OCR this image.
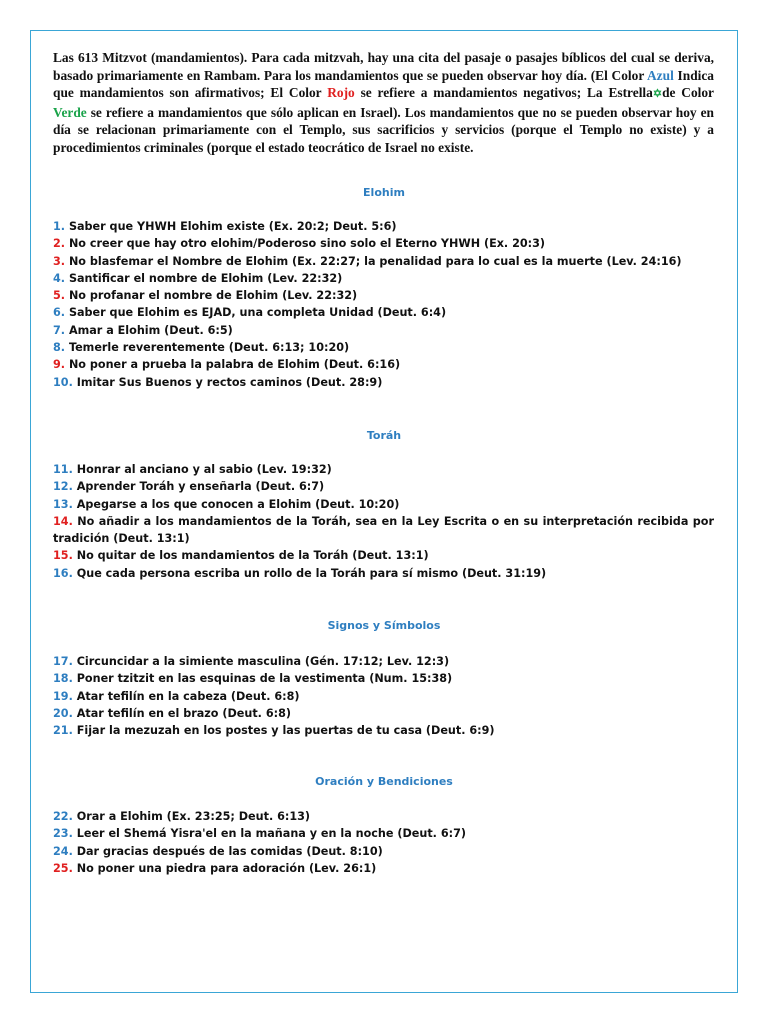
Las 613 Mitzvot (mandamientos). Para cada mitzvah, hay una cita del pasaje o pasajes bíblicos del cual se deriva, basado primariamente en Rambam. Para los mandamientos que se pueden observar hoy día. (El Color Azul Indica que mandamientos son afirmativos; El Color Rojo se refiere a mandamientos negativos; La Estrella✡de Color Verde se refiere a mandamientos que sólo aplican en Israel). Los mandamientos que no se pueden observar hoy en día se relacionan primariamente con el Templo, sus sacrificios y servicios (porque el Templo no existe) y a procedimientos criminales (porque el estado teocrático de Israel no existe.
Elohim
1. Saber que YHWH Elohim existe (Ex. 20:2; Deut. 5:6)
2. No creer que hay otro elohim/Poderoso sino solo el Eterno YHWH (Ex. 20:3)
3. No blasfemar el Nombre de Elohim (Ex. 22:27; la penalidad para lo cual es la muerte (Lev. 24:16)
4. Santificar el nombre de Elohim (Lev. 22:32)
5. No profanar el nombre de Elohim (Lev. 22:32)
6. Saber que Elohim es EJAD, una completa Unidad (Deut. 6:4)
7. Amar a Elohim (Deut. 6:5)
8. Temerle reverentemente (Deut. 6:13; 10:20)
9. No poner a prueba la palabra de Elohim (Deut. 6:16)
10. Imitar Sus Buenos y rectos caminos (Deut. 28:9)
Toráh
11. Honrar al anciano y al sabio (Lev. 19:32)
12. Aprender Toráh y enseñarla (Deut. 6:7)
13. Apegarse a los que conocen a Elohim (Deut. 10:20)
14. No añadir a los mandamientos de la Toráh, sea en la Ley Escrita o en su interpretación recibida por tradición (Deut. 13:1)
15. No quitar de los mandamientos de la Toráh (Deut. 13:1)
16. Que cada persona escriba un rollo de la Toráh para sí mismo (Deut. 31:19)
Signos y Símbolos
17. Circuncidar a la simiente masculina (Gén. 17:12; Lev. 12:3)
18. Poner tzitzit en las esquinas de la vestimenta (Num. 15:38)
19. Atar tefilín en la cabeza (Deut. 6:8)
20. Atar tefilín en el brazo (Deut. 6:8)
21. Fijar la mezuzah en los postes y las puertas de tu casa (Deut. 6:9)
Oración y Bendiciones
22. Orar a Elohim (Ex. 23:25; Deut. 6:13)
23. Leer el Shemá Yisra'el en la mañana y en la noche (Deut. 6:7)
24. Dar gracias después de las comidas (Deut. 8:10)
25. No poner una piedra para adoración (Lev. 26:1)
